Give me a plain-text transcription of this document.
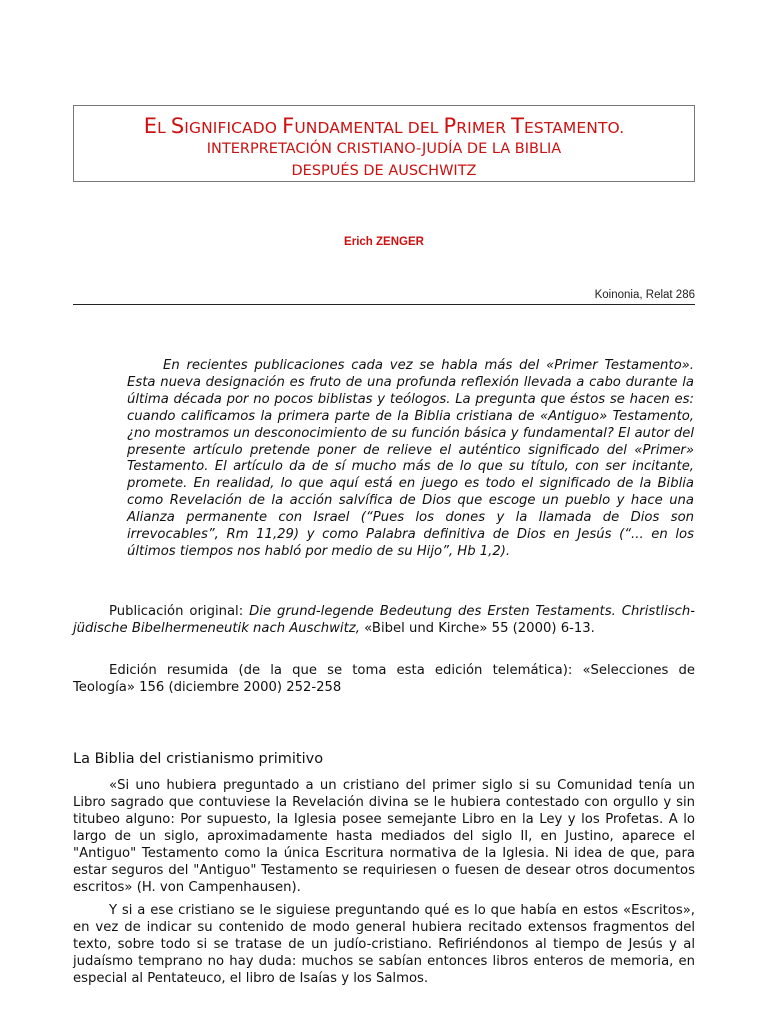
EL SIGNIFICADO FUNDAMENTAL DEL PRIMER TESTAMENTO.
INTERPRETACIÓN CRISTIANO-JUDÍA DE LA BIBLIA
DESPUÉS DE AUSCHWITZ
Erich ZENGER
Koinonia, Relat 286
En recientes publicaciones cada vez se habla más del «Primer Testamento». Esta nueva designación es fruto de una profunda reflexión llevada a cabo durante la última década por no pocos biblistas y teólogos. La pregunta que éstos se hacen es: cuando calificamos la primera parte de la Biblia cristiana de «Antiguo» Testamento, ¿no mostramos un desconocimiento de su función básica y fundamental? El autor del presente artículo pretende poner de relieve el auténtico significado del «Primer» Testamento. El artículo da de sí mucho más de lo que su título, con ser incitante, promete. En realidad, lo que aquí está en juego es todo el significado de la Biblia como Revelación de la acción salvífica de Dios que escoge un pueblo y hace una Alianza permanente con Israel (“Pues los dones y la llamada de Dios son irrevocables”, Rm 11,29) y como Palabra definitiva de Dios en Jesús (“... en los últimos tiempos nos habló por medio de su Hijo”, Hb 1,2).
Publicación original: Die grund-legende Bedeutung des Ersten Testaments. Christlisch-jüdische Bibelhermeneutik nach Auschwitz, «Bibel und Kirche» 55 (2000) 6-13.
Edición resumida (de la que se toma esta edición telemática): «Selecciones de Teología» 156 (diciembre 2000) 252-258
La Biblia del cristianismo primitivo
«Si uno hubiera preguntado a un cristiano del primer siglo si su Comunidad tenía un Libro sagrado que contuviese la Revelación divina se le hubiera contestado con orgullo y sin titubeo alguno: Por supuesto, la Iglesia posee semejante Libro en la Ley y los Profetas. A lo largo de un siglo, aproximadamente hasta mediados del siglo II, en Justino, aparece el "Antiguo" Testamento como la única Escritura normativa de la Iglesia. Ni idea de que, para estar seguros del "Antiguo" Testamento se requiriesen o fuesen de desear otros documentos escritos» (H. von Campenhausen).
Y si a ese cristiano se le siguiese preguntando qué es lo que había en estos «Escritos», en vez de indicar su contenido de modo general hubiera recitado extensos fragmentos del texto, sobre todo si se tratase de un judío-cristiano. Refiriéndonos al tiempo de Jesús y al judaísmo temprano no hay duda: muchos se sabían entonces libros enteros de memoria, en especial al Pentateuco, el libro de Isaías y los Salmos.
